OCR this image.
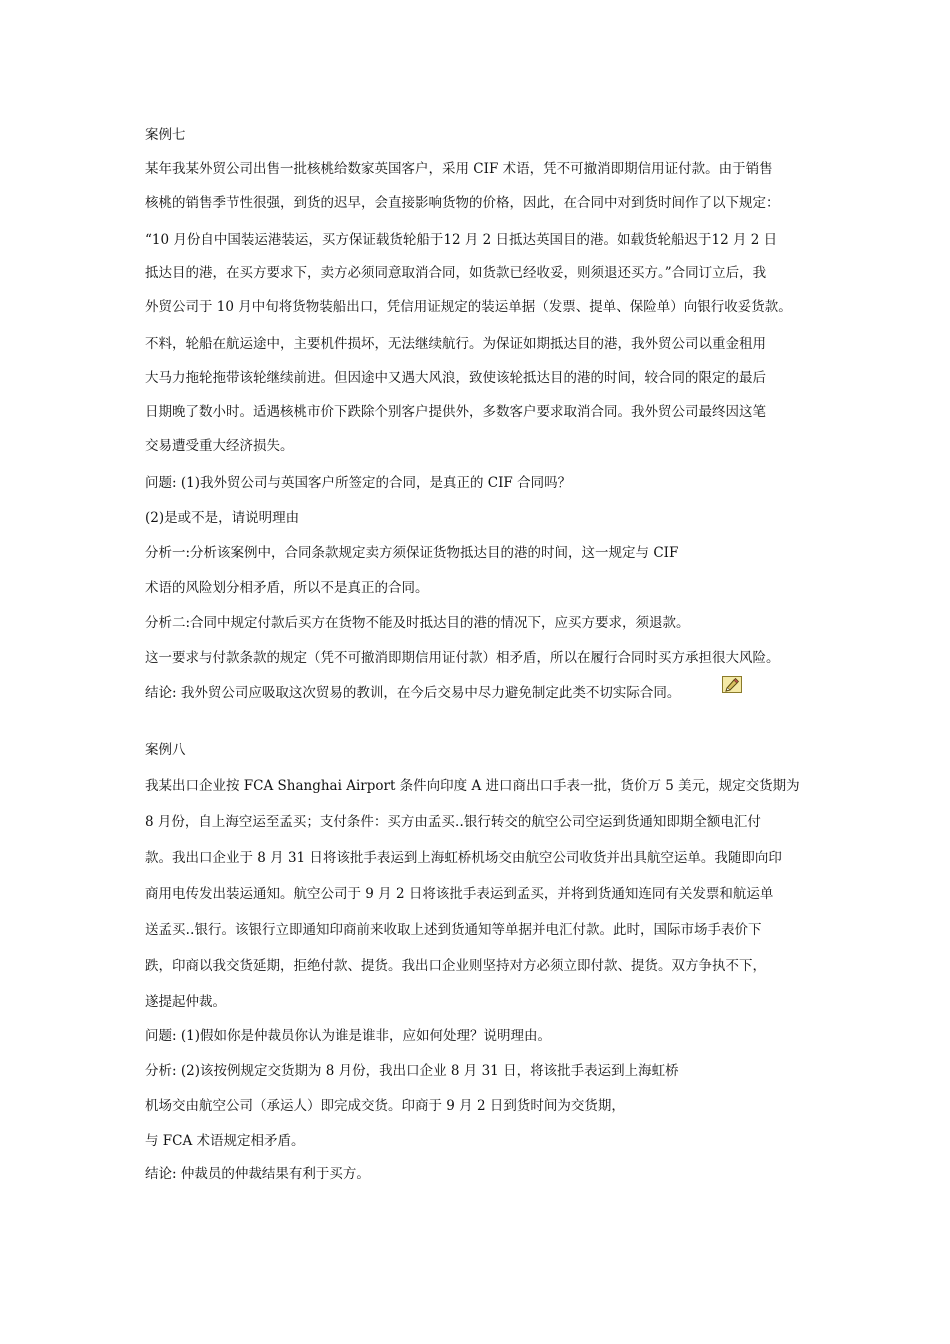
案例七
某年我某外贸公司出售一批核桃给数家英国客户，采用 CIF 术语，凭不可撤消即期信用证付款。由于销售
核桃的销售季节性很强，到货的迟早，会直接影响货物的价格，因此，在合同中对到货时间作了以下规定：
“10 月份自中国装运港装运，买方保证载货轮船于12 月 2 日抵达英国目的港。如载货轮船迟于12 月 2 日
抵达目的港，在买方要求下，卖方必须同意取消合同，如货款已经收妥，则须退还买方。”合同订立后，我
外贸公司于 10 月中旬将货物装船出口，凭信用证规定的装运单据（发票、提单、保险单）向银行收妥货款。
不料，轮船在航运途中，主要机件损坏，无法继续航行。为保证如期抵达目的港，我外贸公司以重金租用
大马力拖轮拖带该轮继续前进。但因途中又遇大风浪，致使该轮抵达目的港的时间，较合同的限定的最后
日期晚了数小时。适遇核桃市价下跌除个别客户提供外，多数客户要求取消合同。我外贸公司最终因这笔
交易遭受重大经济损失。
问题: (1)我外贸公司与英国客户所签定的合同，是真正的 CIF 合同吗？
(2)是或不是，请说明理由
分析一:分析该案例中，合同条款规定卖方须保证货物抵达目的港的时间，这一规定与 CIF
术语的风险划分相矛盾，所以不是真正的合同。
分析二:合同中规定付款后买方在货物不能及时抵达目的港的情况下，应买方要求，须退款。
这一要求与付款条款的规定（凭不可撤消即期信用证付款）相矛盾，所以在履行合同时买方承担很大风险。
结论: 我外贸公司应吸取这次贸易的教训，在今后交易中尽力避免制定此类不切实际合同。
案例八
我某出口企业按 FCA Shanghai Airport 条件向印度 A 进口商出口手表一批，货价万 5 美元，规定交货期为
8 月份，自上海空运至孟买；支付条件：买方由孟买‥银行转交的航空公司空运到货通知即期全额电汇付
款。我出口企业于 8 月 31 日将该批手表运到上海虹桥机场交由航空公司收货并出具航空运单。我随即向印
商用电传发出装运通知。航空公司于 9 月 2 日将该批手表运到孟买，并将到货通知连同有关发票和航运单
送孟买‥银行。该银行立即通知印商前来收取上述到货通知等单据并电汇付款。此时，国际市场手表价下
跌，印商以我交货延期，拒绝付款、提货。我出口企业则坚持对方必须立即付款、提货。双方争执不下，
遂提起仲裁。
问题: (1)假如你是仲裁员你认为谁是谁非，应如何处理？说明理由。
分析: (2)该按例规定交货期为 8 月份，我出口企业 8 月 31 日，将该批手表运到上海虹桥
机场交由航空公司（承运人）即完成交货。印商于 9 月 2 日到货时间为交货期，
与 FCA 术语规定相矛盾。
结论: 仲裁员的仲裁结果有利于买方。
